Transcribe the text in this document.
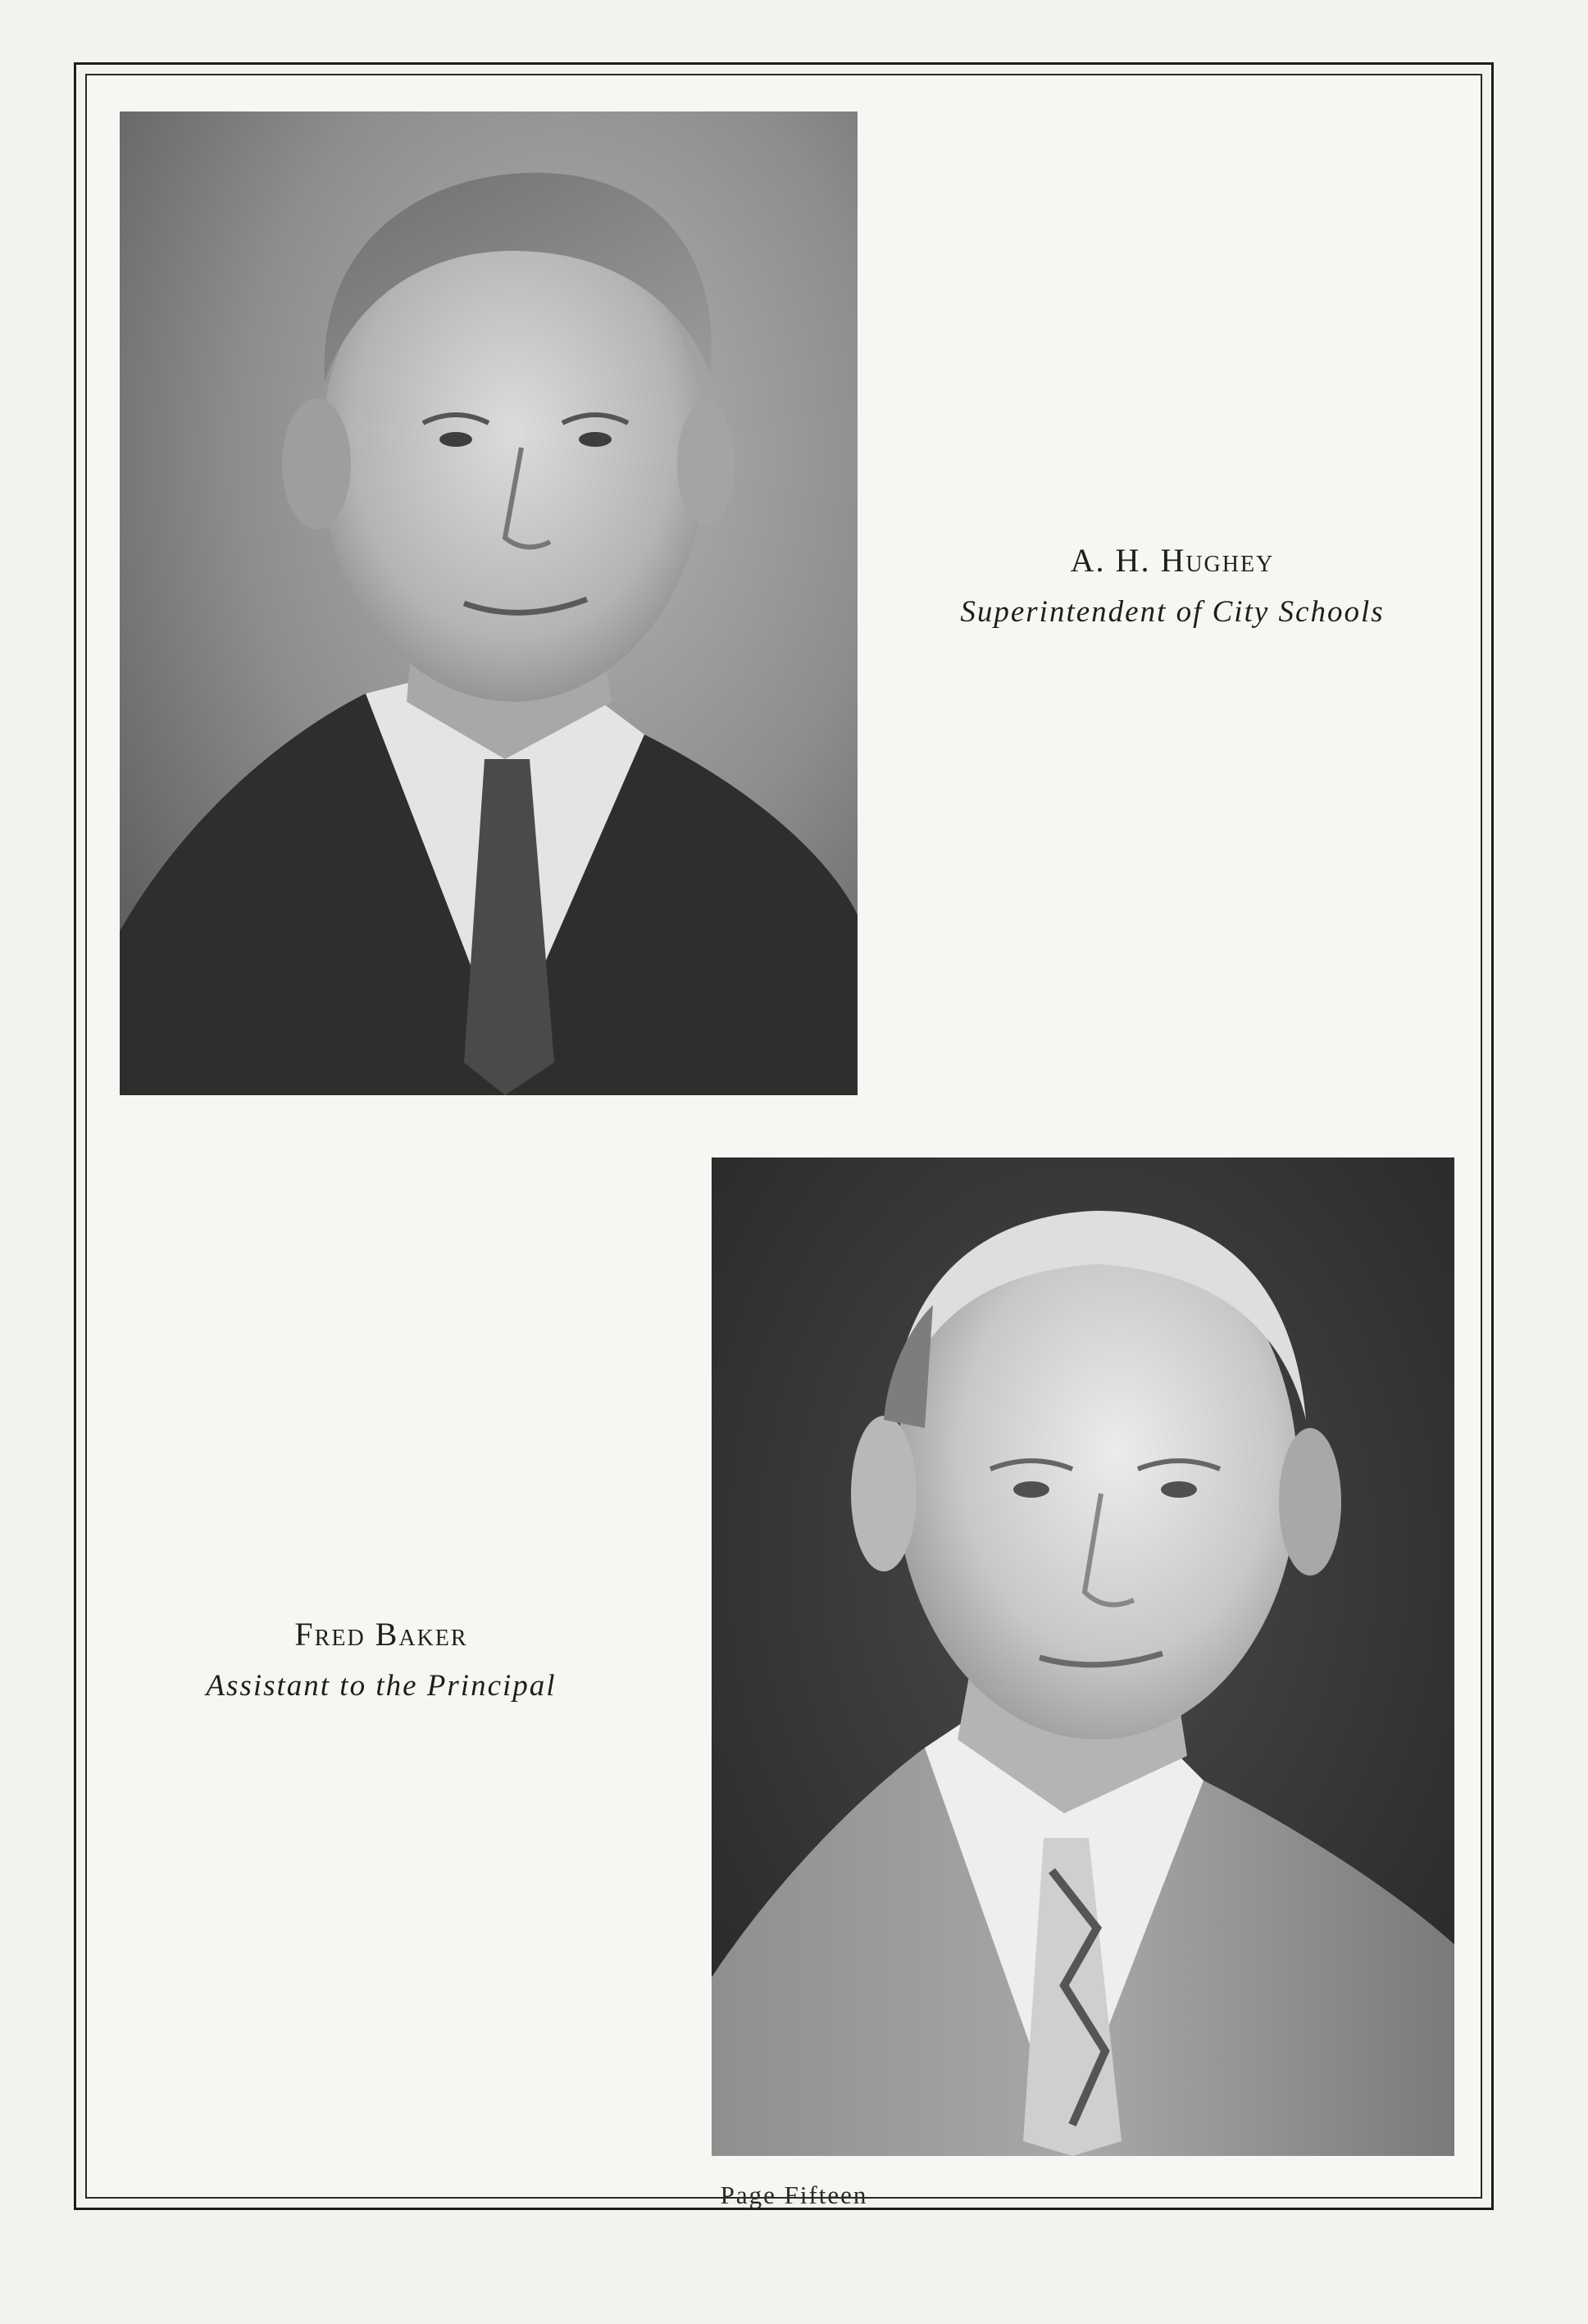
A. H. Hughey
Superintendent of City Schools
Fred Baker
Assistant to the Principal
Page Fifteen
